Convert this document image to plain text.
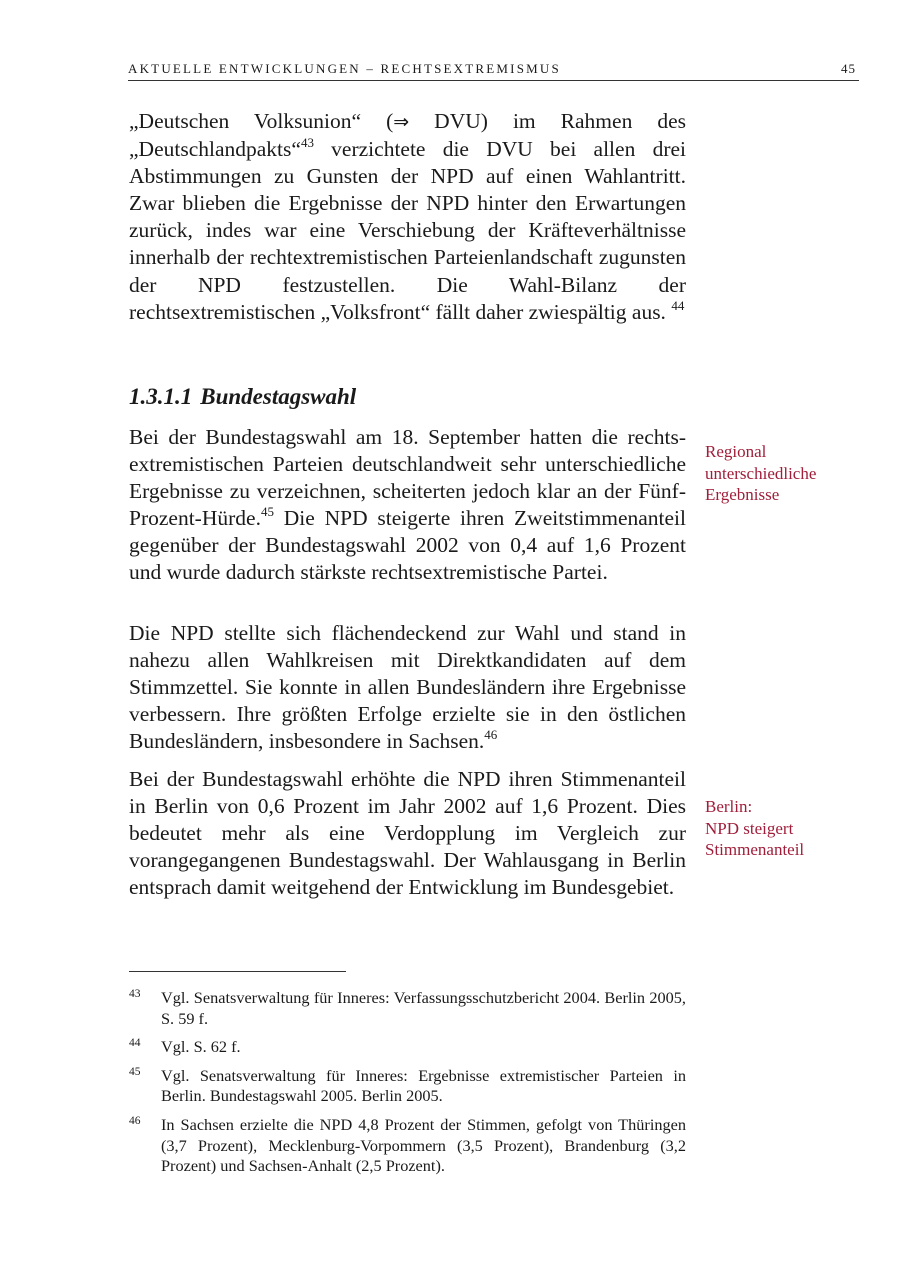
AKTUELLE ENTWICKLUNGEN – RECHTSEXTREMISMUS	45

„Deutschen Volksunion“ (⇒ DVU) im Rahmen des „Deutschlandpakts“$^{43}$ verzichtete die DVU bei allen drei Abstimmungen zu Gunsten der NPD auf einen Wahlantritt. Zwar blieben die Ergebnisse der NPD hinter den Erwartungen zurück, indes war eine Verschiebung der Kräfteverhältnisse innerhalb der rechtextremistischen Parteienlandschaft zugunsten der NPD festzustellen. Die Wahl-Bilanz der rechtsextremistischen „Volksfront“ fällt daher zwiespältig aus. $^{44}$

1.3.1.1 Bundestagswahl

Bei der Bundestagswahl am 18. September hatten die rechtsextremistischen Parteien deutschlandweit sehr unterschiedliche Ergebnisse zu verzeichnen, scheiterten jedoch klar an der Fünf-Prozent-Hürde.$^{45}$ Die NPD steigerte ihren Zweitstimmenanteil gegenüber der Bundestagswahl 2002 von 0,4 auf 1,6 Prozent und wurde dadurch stärkste rechtsextremistische Partei.

Die NPD stellte sich flächendeckend zur Wahl und stand in nahezu allen Wahlkreisen mit Direktkandidaten auf dem Stimmzettel. Sie konnte in allen Bundesländern ihre Ergebnisse verbessern. Ihre größten Erfolge erzielte sie in den östlichen Bundesländern, insbesondere in Sachsen.$^{46}$

Bei der Bundestagswahl erhöhte die NPD ihren Stimmenanteil in Berlin von 0,6 Prozent im Jahr 2002 auf 1,6 Prozent. Dies bedeutet mehr als eine Verdopplung im Vergleich zur vorangegangenen Bundestagswahl. Der Wahlausgang in Berlin entsprach damit weitgehend der Entwicklung im Bundesgebiet.

Regional
unterschiedliche
Ergebnisse
Berlin:
NPD steigert
Stimmenanteil
43 Vgl. Senatsverwaltung für Inneres: Verfassungsschutzbericht 2004. Berlin 2005, S. 59 f.
44 Vgl. S. 62 f.
45 Vgl. Senatsverwaltung für Inneres: Ergebnisse extremistischer Parteien in Berlin. Bundestagswahl 2005. Berlin 2005.
46 In Sachsen erzielte die NPD 4,8 Prozent der Stimmen, gefolgt von Thüringen (3,7 Prozent), Mecklenburg-Vorpommern (3,5 Prozent), Brandenburg (3,2 Prozent) und Sachsen-Anhalt (2,5 Prozent).
